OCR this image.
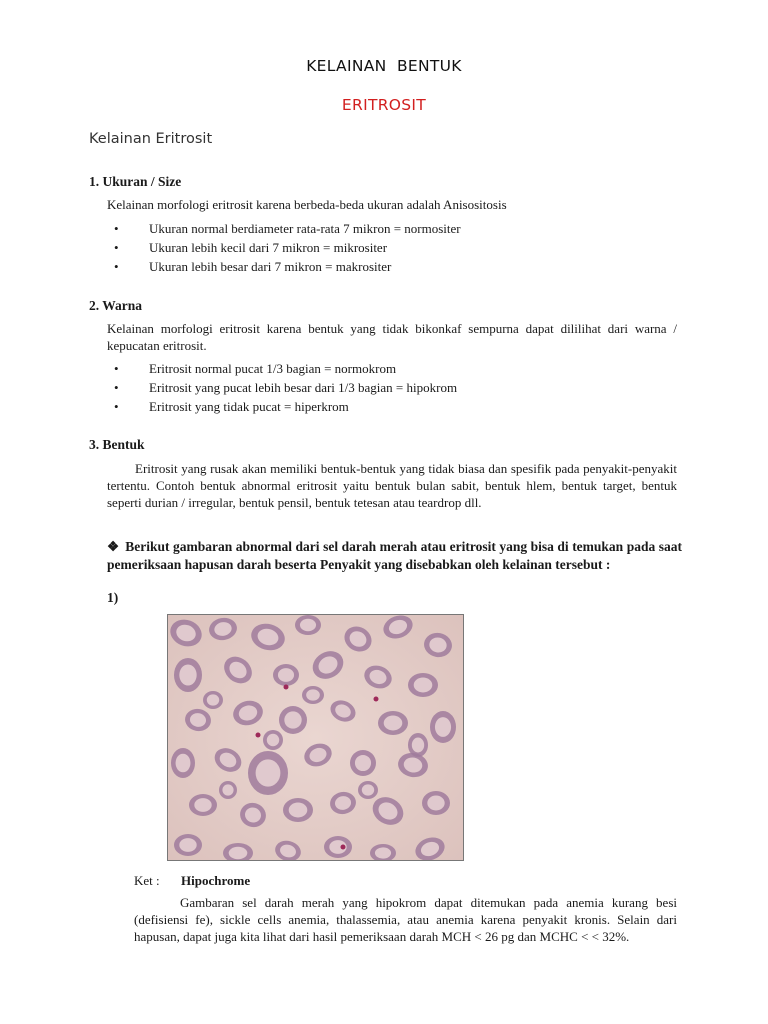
KELAINAN  BENTUK
ERITROSIT
Kelainan Eritrosit
1. Ukuran / Size
Kelainan morfologi eritrosit karena berbeda-beda ukuran adalah Anisositosis
• Ukuran normal berdiameter rata-rata 7 mikron = normositеr
• Ukuran lebih kecil dari 7 mikron = mikrositer
• Ukuran lebih besar dari 7 mikron = makrositer
2. Warna
Kelainan morfologi eritrosit karena bentuk yang tidak bikonkaf sempurna dapat dililihat dari warna / kepucatan eritrosit.
• Eritrosit normal pucat 1/3 bagian = normokrom
• Eritrosit yang pucat lebih besar dari 1/3 bagian = hipokrom
• Eritrosit yang tidak pucat = hiperkrom
3. Bentuk
Eritrosit yang rusak akan memiliki bentuk-bentuk yang tidak biasa dan spesifik pada penyakit-penyakit tertentu. Contoh bentuk abnormal eritrosit yaitu bentuk bulan sabit, bentuk hlem, bentuk target, bentuk seperti durian / irregular, bentuk pensil, bentuk tetesan atau teardrop dll.
❖ Berikut gambaran abnormal dari sel darah merah atau eritrosit yang bisa di temukan pada saat pemeriksaan hapusan darah beserta Penyakit yang disebabkan oleh kelainan tersebut :
1)
Ket : Hipochrome
Gambaran sel darah merah yang hipokrom dapat ditemukan pada anemia kurang besi (defisiensi fe), sickle cells anemia, thalassemia, atau anemia karena penyakit kronis. Selain dari hapusan, dapat juga kita lihat dari hasil pemeriksaan darah MCH < 26 pg dan MCHC < < 32%.
